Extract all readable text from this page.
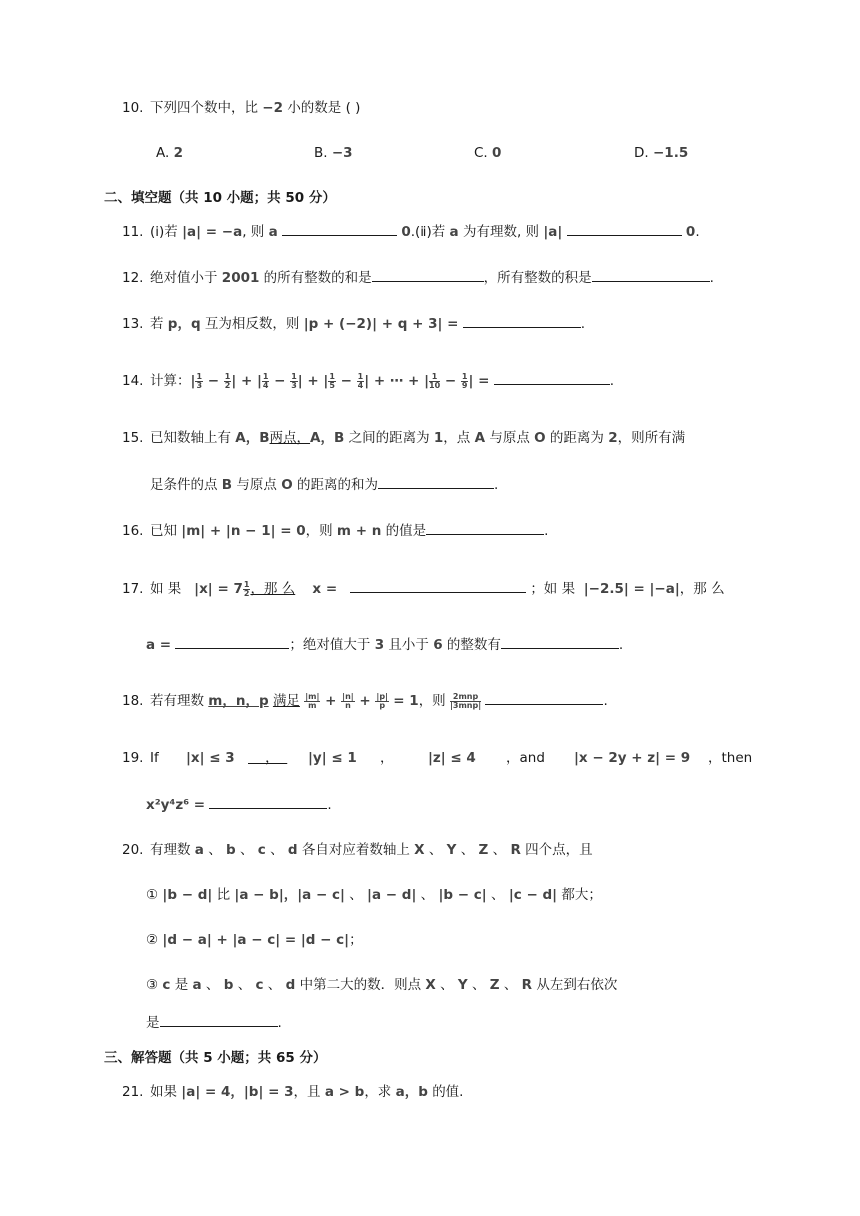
10. 下列四个数中，比 −2 小的数是 ( )
A. 2	B. −3	C. 0	D. −1.5
二、填空题（共 10 小题；共 50 分）
11. (ⅰ)若 |a| = −a, 则 a	0.(ⅱ)若 a 为有理数, 则 |a|	0.
12. 绝对值小于 2001 的所有整数的和是	，所有整数的积是	.
13. 若 p，q 互为相反数，则 |p + (−2)| + q + 3| =	.
14. 计算：| $\frac{1}{3} - \frac{1}{2}$ | + | $\frac{1}{4} - \frac{1}{3}$ | + | $\frac{1}{5} - \frac{1}{4}$ | + ⋯ + | $\frac{1}{10} - \frac{1}{9}$ | =	.
15. 已知数轴上有 A，B两点，A，B 之间的距离为 1，点 A 与原点 O 的距离为 2，则所有满
足条件的点 B 与原点 O 的距离的和为	.
16. 已知 |m| + |n − 1| = 0，则 m + n 的值是	.
17. 如 果 $|x| = 7 \frac{1}{2}$ ，那 么 x =	；如 果 |−2.5| = |−a|，那 么
a =	；绝对值大于 3 且小于 6 的整数有	.
18. 若有理数 m，n，p 满足 $\frac{|m|}{m} + \frac{|n|}{n} + \frac{|p|}{p} = 1$，则 $\frac{\text{2mnp}}{\text{|3mnp|}}$	.
19. If |x| ≤ 3 ， |y| ≤ 1 ，	|z| ≤ 4 ，and |x − 2y + z| = 9 ，then
x²y⁴z⁶ =	.
20. 有理数 a 、 b 、 c 、 d 各自对应着数轴上 X 、 Y 、 Z 、 R 四个点，且
① |b − d| 比 |a − b|，|a − c| 、 |a − d| 、 |b − c| 、 |c − d| 都大；
② |d − a| + |a − c| = |d − c|；
③ c 是 a 、 b 、 c 、 d 中第二大的数．则点 X 、 Y 、 Z 、 R 从左到右依次
是	.
三、解答题（共 5 小题；共 65 分）
21. 如果 |a| = 4，|b| = 3，且 a > b，求 a，b 的值.
